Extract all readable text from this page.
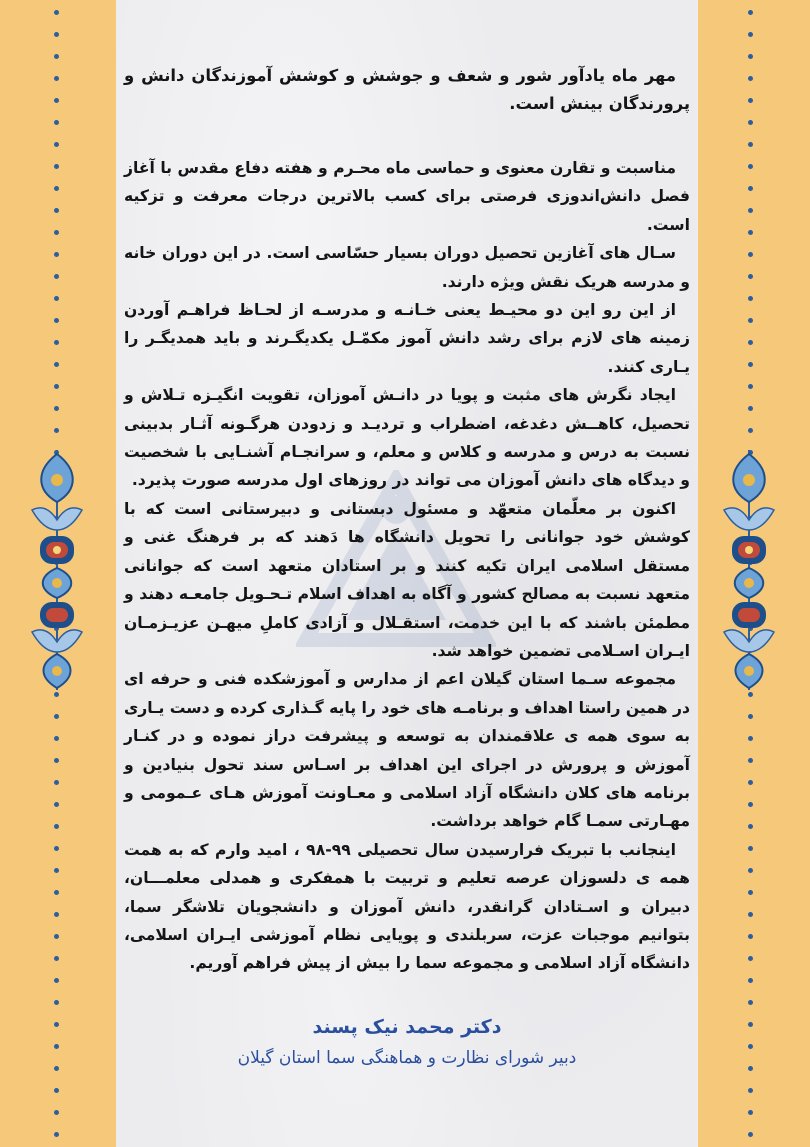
مهر ماه یادآور شور و شعف و جوشش و کوشش آموزندگان دانش و پرورندگان بینش است.

مناسبت و تقارن معنوی و حماسی ماه محـرم و هفته دفاع مقدس با آغاز فصل دانش‌اندوزی فرصتی برای کسب بالاترین درجات معرفت و تزکیه است.

سـال های آغازین تحصیل دوران بسیار حسّاسی است. در این دوران خانه و مدرسه هریک نقش ویژه دارند.

از این رو این دو محیـط یعنی خـانـه و مدرسـه از لحـاظ فراهـم آوردن زمینه های لازم برای رشد دانش آموز مکمّـل یکدیگـرند و باید همدیگـر را یـاری کنند.

ایجاد نگرش های مثبت و پویا در دانـش آموزان، تقویت انگیـزه تـلاش و تحصیل، کاهــش دغدغه، اضطراب و تردیـد و زدودن هرگـونه آثـار بدبینی نسبت به درس و مدرسه و کلاس و معلم، و سرانجـام آشنـایی با شخصیت و دیدگاه های دانش آموزان می تواند در روزهای اول مدرسه صورت پذیرد.

اکنون بر معلّمان متعهّد و مسئول دبستانی و دبیرستانی است که با کوشش خود جوانانی را تحویل دانشگاه ها دَهند که بر فرهنگ غنی و مستقل اسلامی ایران تکیه کنند و بر استادان متعهد است که جوانانی متعهد نسبت به مصالح کشور و آگاه به اهداف اسلام تـحـویل جامعـه دهند و مطمئن باشند که با این خدمت، استقـلال و آزادی کاملِ میهـن عزیـزمـان ایـران اسـلامی تضمین خواهد شد.

مجموعه سـما استان گیلان اعم از مدارس و آموزشکده فنی و حرفه ای در همین راستا اهداف و برنامـه های خود را پایه گـذاری کرده و دست یـاری به سوی همه ی علاقمندان به توسعه و پیشرفت دراز نموده و در کنـار آموزش و پرورش در اجرای این اهداف بر اسـاس سند تحول بنیادین و برنامه های کلان دانشگاه آزاد اسلامی و معـاونت آموزش هـای عـمومی و مهـارتی سمـا گام خواهد برداشت.

اینجانب با تبریک فرارسیدن سال تحصیلی ۹۹-۹۸ ، امید وارم که به همت همه ی دلسوزان عرصه تعلیم و تربیت با همفکری و همدلی معلمـــان، دبیران و اسـتادان گرانقدر، دانش آموزان و دانشجویان تلاشگر سما، بتوانیم موجبات عزت، سربلندی و پویایی نظام آموزشی ایـران اسلامی، دانشگاه آزاد اسلامی و مجموعه سما را بیش از پیش فراهم آوریم.

دکتر محمد نیک پسند
دبیر شورای نظارت و هماهنگی سما استان گیلان
